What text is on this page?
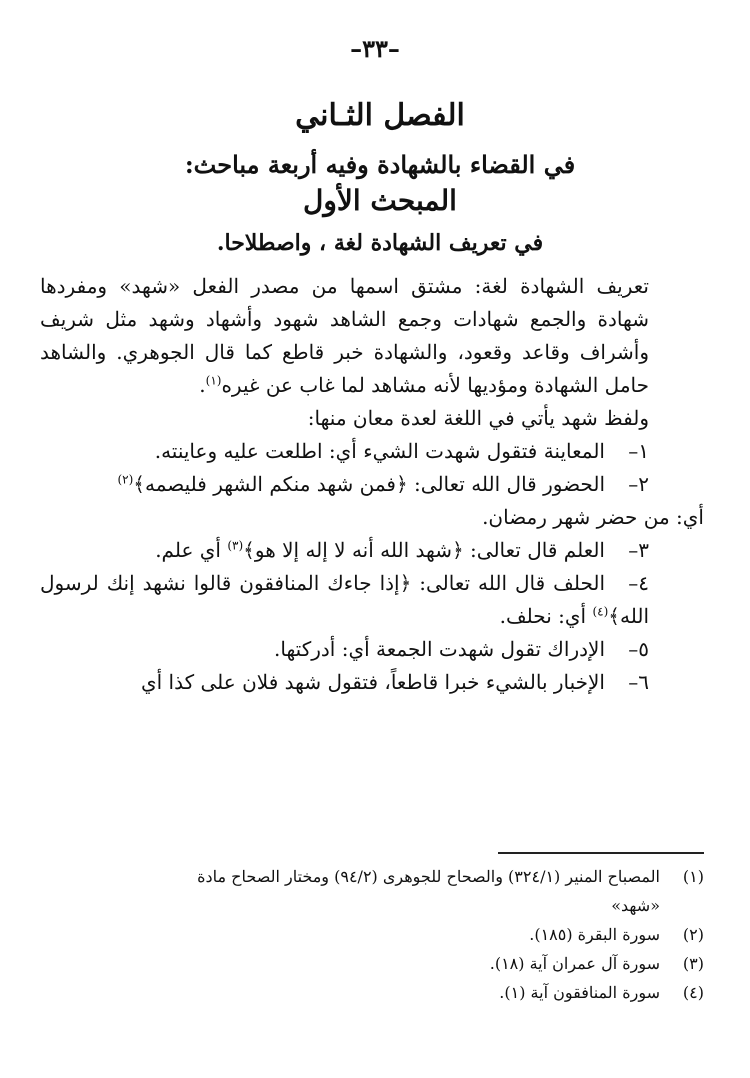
–٣٣–
الفصل الثـاني
في القضاء بالشهادة وفيه أربعة مباحث:
المبحث الأول
في تعريف الشهادة لغة ، واصطلاحا.

تعريف الشهادة لغة: مشتق اسمها من مصدر الفعل «شهد» ومفردها شهادة والجمع شهادات وجمع الشاهد شهود وأشهاد وشهد مثل شريف وأشراف وقاعد وقعود، والشهادة خبر قاطع كما قال الجوهري. والشاهد حامل الشهادة ومؤديها لأنه مشاهد لما غاب عن غيره$^{(١)}$.

ولفظ شهد يأتي في اللغة لعدة معان منها:

١–المعاينة فتقول شهدت الشيء أي: اطلعت عليه وعاينته.

٢–الحضور قال الله تعالى: ﴿فمن شهد منكم الشهر فليصمه﴾$^{(٢)}$

أي: من حضر شهر رمضان.

٣–العلم قال تعالى: ﴿شهد الله أنه لا إله إلا هو﴾$^{(٣)}$ أي علم.

٤–الحلف قال الله تعالى: ﴿إذا جاءك المنافقون قالوا نشهد إنك لرسول الله﴾$^{(٤)}$ أي: نحلف.

٥–الإدراك تقول شهدت الجمعة أي: أدركتها.

٦–الإخبار بالشيء خبرا قاطعاً، فتقول شهد فلان على كذا أي

(١)المصباح المنير (٣٢٤/١) والصحاح للجوهرى (٩٤/٢) ومختار الصحاح مادة

«شهد»

(٢)سورة البقرة (١٨٥).

(٣)سورة آل عمران آية (١٨).

(٤)سورة المنافقون آية (١).
